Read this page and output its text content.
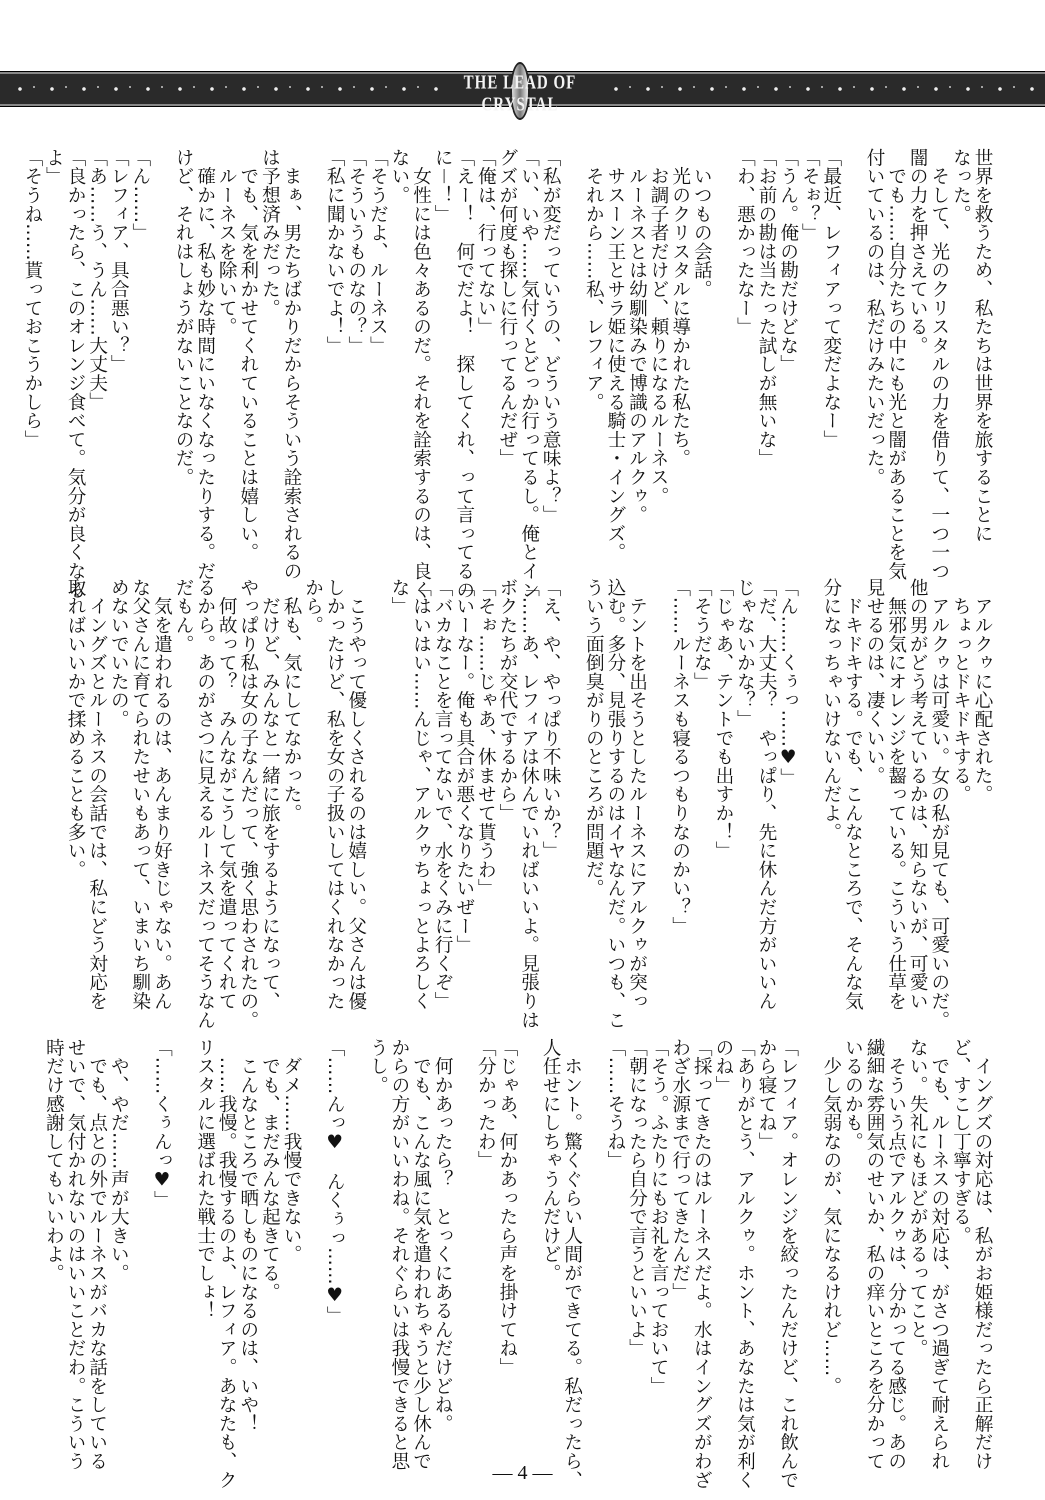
THE LEAD OF CRYSTAL
世界を救うため、私たちは世界を旅することに
なった。
　そして、光のクリスタルの力を借りて、一つ一つ
闇の力を押さえている。
　でも……自分たちの中にも光と闇があることを気
付いているのは、私だけみたいだった。
「最近、レフィアって変だよなー」
「そぉ？」
「うん。俺の勘だけどな」
「お前の勘は当たった試しが無いな」
「わ、悪かったなー」
　いつもの会話。
　光のクリスタルに導かれた私たち。
　お調子者だけど、頼りになるルーネス。
　ルーネスとは幼馴染みで博識のアルクゥ。
　サスーン王とサラ姫に使える騎士・イングズ。
　それから……私、レフィア。
「私が変だっていうの、どういう意味よ？」
「い、いや……気付くとどっか行ってるし。俺とイン
グズが何度も探しに行ってるんだぜ」
「俺は、行ってない」
「えー！　何でだよ！　探してくれ、って言ってるの
に－！」
　女性には色々あるのだ。それを詮索するのは、良く
ない。
「そうだよ、ルーネス」
「そういうものなの？」
「私に聞かないでよ！」
　まぁ、男たちばかりだからそういう詮索されるの
は予想済みだった。
　でも、気を利かせてくれていることは嬉しい。
　ルーネスを除いて。
　確かに、私も妙な時間にいなくなったりする。だ
けど、それはしょうがないことなのだ。
「ん……」
「レフィア、具合悪い？」
「あ……う、うん……大丈夫」
「良かったら、このオレンジ食べて。気分が良くなる
よ」
「そうね……貰っておこうかしら」
　アルクゥに心配された。
　ちょっとドキドキする。
　アルクゥは可愛い。女の私が見ても、可愛いのだ。
他の男がどう考えているかは、知らないが、可愛い
　無邪気にオレンジを齧っている。こういう仕草を
見せるのは、凄くいい。
　ドキドキする。でも、こんなところで、そんな気
分になっちゃいけないんだよ。
「ん……くぅっ……♥」
「だ、大丈夫？　やっぱり、先に休んだ方がいいん
じゃないかな？」
「じゃあ、テントでも出すか！」
「そうだな」
「……ルーネスも寝るつもりなのかい？」
　テントを出そうとしたルーネスにアルクゥが突っ
込む。多分、見張りするのはイヤなんだ。いつも、こ
ういう面倒臭がりのところが問題だ。
「え、や、やっぱり不味いか？」
「……あ、レフィアは休んでいればいいよ。見張りは
ボクたちが交代でするから」
「そぉ……じゃあ、休ませて貰うわ」
「いーなー。俺も具合が悪くなりたいぜー」
「バカなことを言ってないで、水をくみに行くぞ」
「はいはい……んじゃ、アルクゥちょっとよろしく
な」
　こうやって優しくされるのは嬉しい。父さんは優
しかったけど、私を女の子扱いしてはくれなかった
から。
　私も、気にしてなかった。
　だけど、みんなと一緒に旅をするようになって、
やっぱり私は女の子なんだって、強く思わされたの。
　何故って？　みんながこうして気を遣ってくれて
るから。あのがさつに見えるルーネスだってそうなん
だもん。
　気を遣われるのは、あんまり好きじゃない。あん
な父さんに育てられたせいもあって、いまいち馴染
めないでいたの。
　イングズとルーネスの会話では、私にどう対応を
取ればいいかで揉めることも多い。
　イングズの対応は、私がお姫様だったら正解だけ
ど、すこし丁寧すぎる。
　でも、ルーネスの対応は、がさつ過ぎて耐えられ
ない。失礼にもほどがあるってこと。
　そういう点でアルクゥは、分かってる感じ。あの
繊細な雰囲気のせいか、私の痒いところを分かって
いるのかも。
　少し気弱なのが、気になるけれど……。
「レフィア。オレンジを絞ったんだけど、これ飲んで
から寝てね」
「ありがとう、アルクゥ。ホント、あなたは気が利く
のね」
「採ってきたのはルーネスだよ。水はイングズがわざ
わざ水源まで行ってきたんだ」
「そう。ふたりにもお礼を言っておいて」
「朝になったら自分で言うといいよ」
「……そうね」
　ホント。驚くぐらい人間ができてる。私だったら、
人任せにしちゃうんだけど。
「じゃあ、何かあったら声を掛けてね」
「分かったわ」
　何かあったら？　とっくにあるんだけどね。
　でも、こんな風に気を遣われちゃうと少し休んで
からの方がいいわね。それぐらいは我慢できると思
うし。
「……んっ♥　んくぅっ……♥」
　ダメ……我慢できない。
　でも、まだみんな起きてる。
　こんなところで晒しものになるのは、いや！
　……我慢。我慢するのよ、レフィア。あなたも、ク
リスタルに選ばれた戦士でしょ！
「……くぅんっ♥」
　や、やだ……声が大きい。
　でも、点との外でルーネスがバカな話をしている
せいで、気付かれないのはいいことだわ。こういう
時だけ感謝してもいいわよ。
— 4 —
